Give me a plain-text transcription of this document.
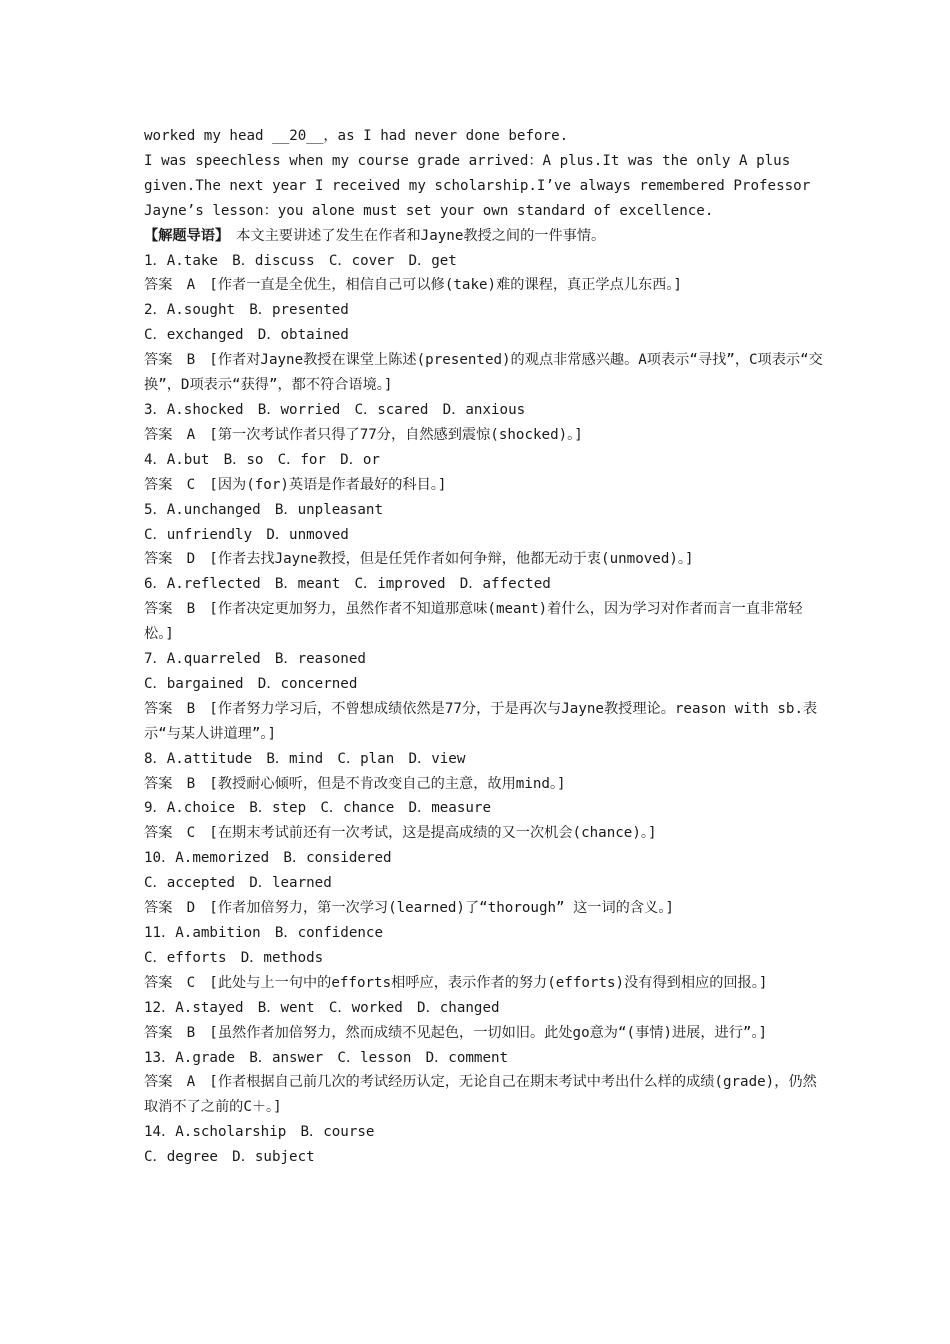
worked my head __20__，as I had never done before.
I was speechless when my course grade arrived：A plus.It was the only A plus given.The next year I received my scholarship.I’ve always remembered Professor Jayne’s lesson：you alone must set your own standard of excellence.
【解题导语】　本文主要讲述了发生在作者和Jayne教授之间的一件事情。
1．A.take　B．discuss　C．cover　D．get
答案　A　[作者一直是全优生，相信自己可以修(take)难的课程，真正学点儿东西。]
2．A.sought　B．presented
C．exchanged　D．obtained
答案　B　[作者对Jayne教授在课堂上陈述(presented)的观点非常感兴趣。A项表示“寻找”，C项表示“交换”，D项表示“获得”，都不符合语境。]
3．A.shocked　B．worried　C．scared　D．anxious
答案　A　[第一次考试作者只得了77分，自然感到震惊(shocked)。]
4．A.but　B．so　C．for　D．or
答案　C　[因为(for)英语是作者最好的科目。]
5．A.unchanged　B．unpleasant
C．unfriendly　D．unmoved
答案　D　[作者去找Jayne教授，但是任凭作者如何争辩，他都无动于衷(unmoved)。]
6．A.reflected　B．meant　C．improved　D．affected
答案　B　[作者决定更加努力，虽然作者不知道那意味(meant)着什么，因为学习对作者而言一直非常轻松。]
7．A.quarreled　B．reasoned
C．bargained　D．concerned
答案　B　[作者努力学习后，不曾想成绩依然是77分，于是再次与Jayne教授理论。reason with sb.表示“与某人讲道理”。]
8．A.attitude　B．mind　C．plan　D．view
答案　B　[教授耐心倾听，但是不肯改变自己的主意，故用mind。]
9．A.choice　B．step　C．chance　D．measure
答案　C　[在期末考试前还有一次考试，这是提高成绩的又一次机会(chance)。]
10．A.memorized　B．considered
C．accepted　D．learned
答案　D　[作者加倍努力，第一次学习(learned)了“thorough” 这一词的含义。]
11．A.ambition　B．confidence
C．efforts　D．methods
答案　C　[此处与上一句中的efforts相呼应，表示作者的努力(efforts)没有得到相应的回报。]
12．A.stayed　B．went　C．worked　D．changed
答案　B　[虽然作者加倍努力，然而成绩不见起色，一切如旧。此处go意为“(事情)进展，进行”。]
13．A.grade　B．answer　C．lesson　D．comment
答案　A　[作者根据自己前几次的考试经历认定，无论自己在期末考试中考出什么样的成绩(grade)，仍然取消不了之前的C＋。]
14．A.scholarship　B．course
C．degree　D．subject
